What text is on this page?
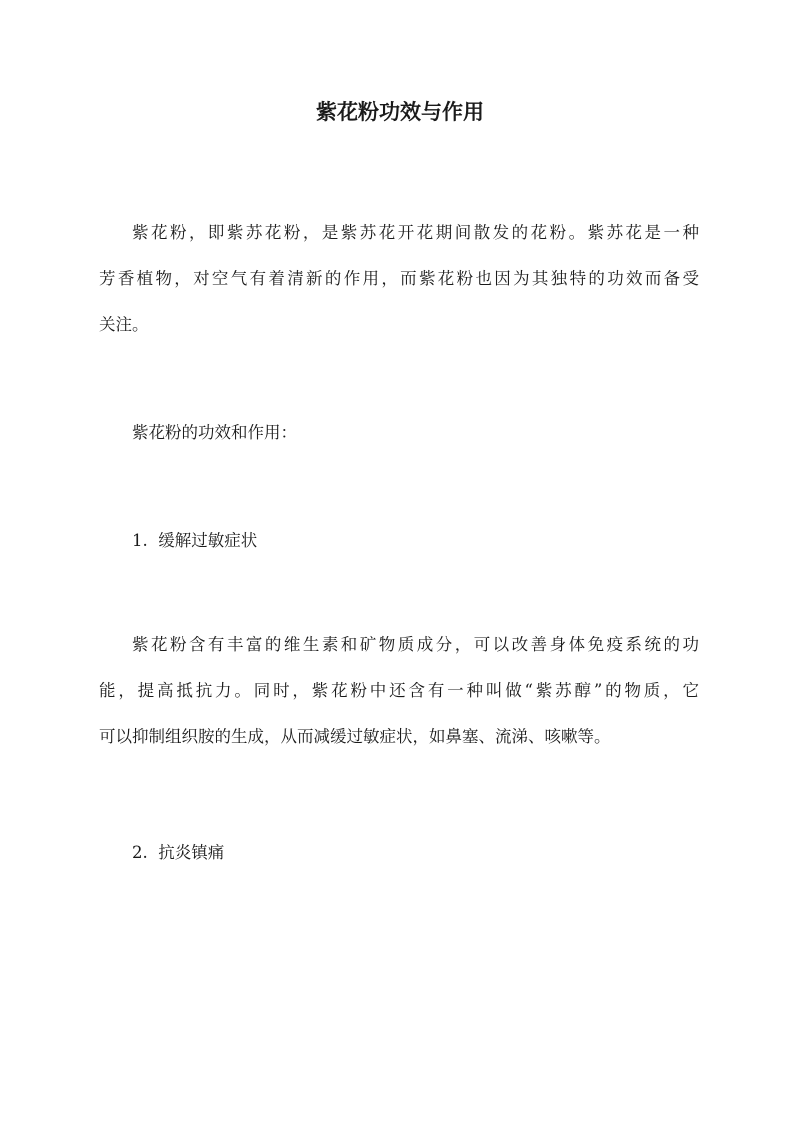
紫花粉功效与作用
紫花粉，即紫苏花粉，是紫苏花开花期间散发的花粉。紫苏花是一种
芳香植物，对空气有着清新的作用，而紫花粉也因为其独特的功效而备受
关注。
紫花粉的功效和作用：
1.  缓解过敏症状
紫花粉含有丰富的维生素和矿物质成分，可以改善身体免疫系统的功
能，提高抵抗力。同时，紫花粉中还含有一种叫做“紫苏醇”的物质，它
可以抑制组织胺的生成，从而减缓过敏症状，如鼻塞、流涕、咳嗽等。
2.  抗炎镇痛
